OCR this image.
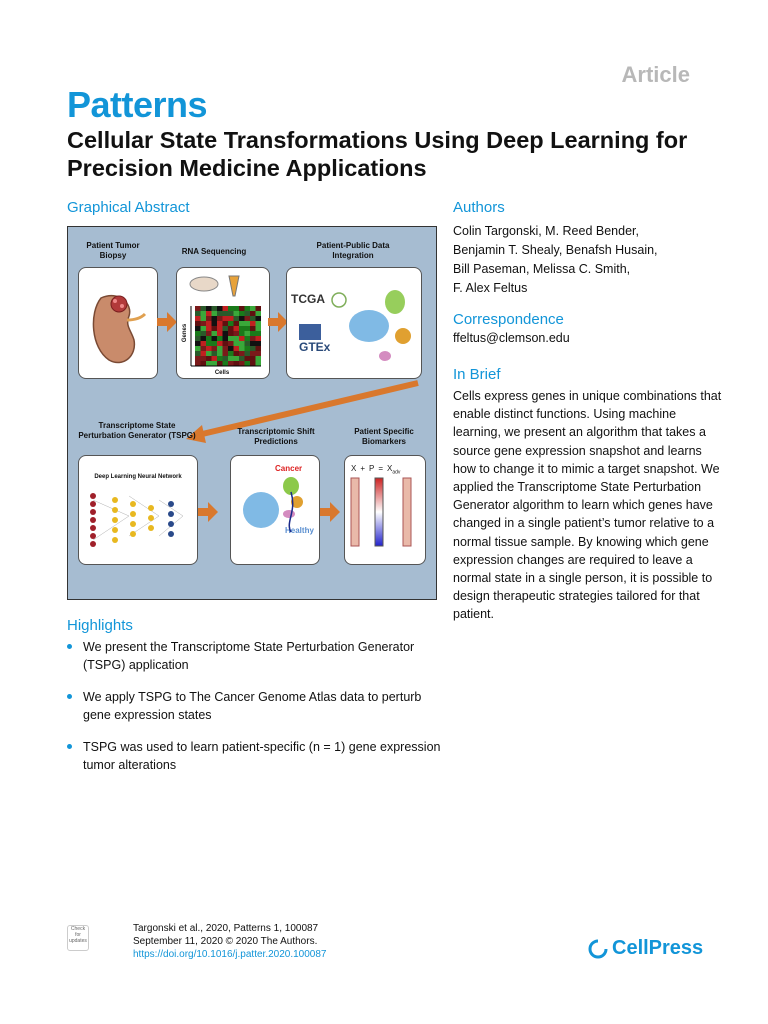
Article
Patterns
Cellular State Transformations Using Deep Learning for Precision Medicine Applications
Graphical Abstract
Patient Tumor Biopsy	RNA Sequencing
Patient-Public Data Integration
Genes
Cells
TCGA
GTEx
Transcriptome State Perturbation Generator (TSPG)	Transcriptomic Shift Predictions
Patient Specific Biomarkers
Deep Learning Neural Network
Cancer
Healthy
$X + P = X_{adv}$
Highlights
We present the Transcriptome State Perturbation Generator (TSPG) application
We apply TSPG to The Cancer Genome Atlas data to perturb gene expression states
TSPG was used to learn patient-specific (n = 1) gene expression tumor alterations
Authors
Colin Targonski, M. Reed Bender,
Benjamin T. Shealy, Benafsh Husain,
Bill Paseman, Melissa C. Smith,
F. Alex Feltus
Correspondence
ffeltus@clemson.edu
In Brief
Cells express genes in unique combinations that enable distinct functions. Using machine learning, we present an algorithm that takes a source gene expression snapshot and learns how to change it to mimic a target snapshot. We applied the Transcriptome State Perturbation Generator algorithm to learn which genes have changed in a single patient’s tumor relative to a normal tissue sample. By knowing which gene expression changes are required to leave a normal state in a single person, it is possible to design therapeutic strategies tailored for that patient.
Check for updates
Targonski et al., 2020, Patterns 1, 100087
September 11, 2020 © 2020 The Authors.
https://doi.org/10.1016/j.patter.2020.100087	CellPress
